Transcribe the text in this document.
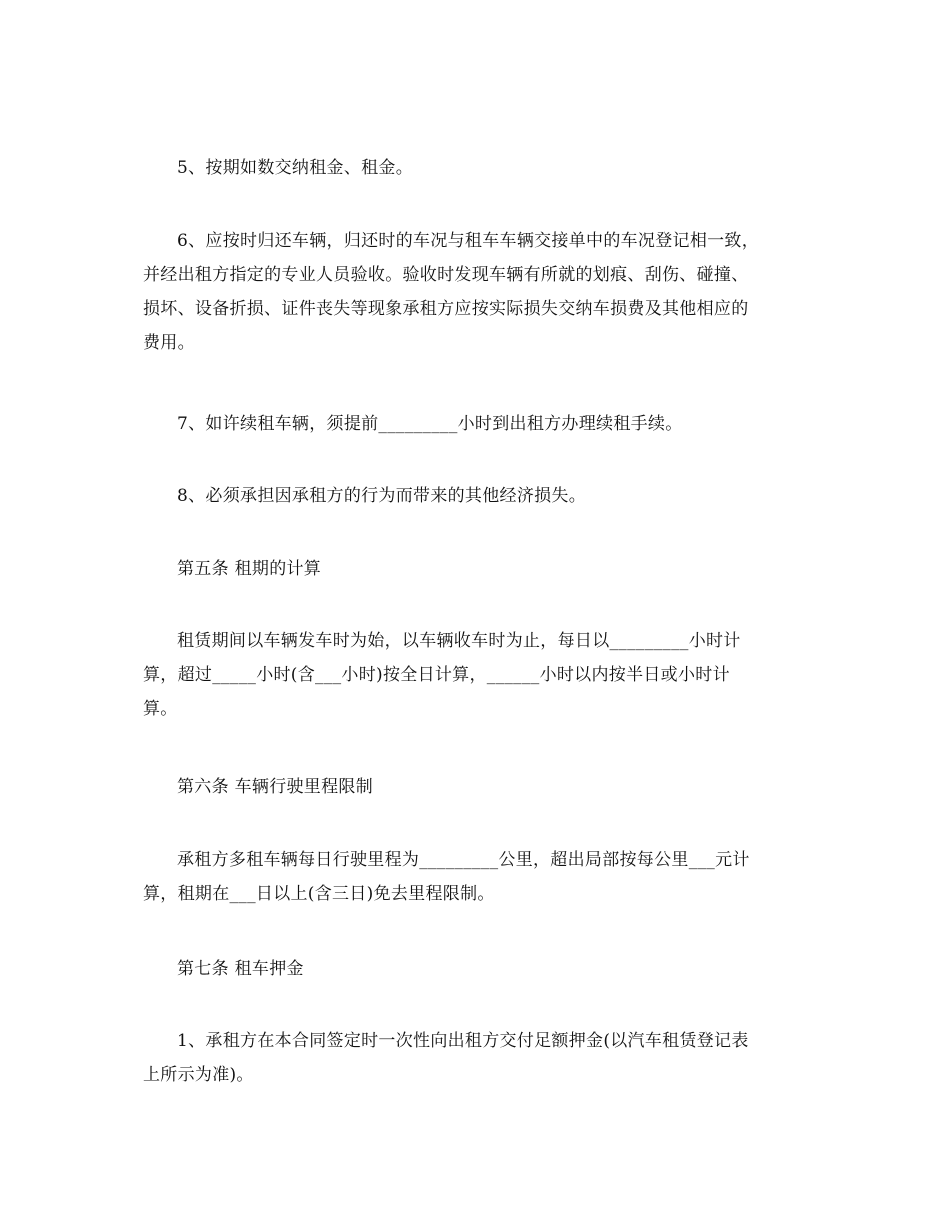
5、按期如数交纳租金、租金。
6、应按时归还车辆，归还时的车况与租车车辆交接单中的车况登记相一致，
并经出租方指定的专业人员验收。验收时发现车辆有所就的划痕、刮伤、碰撞、
损坏、设备折损、证件丧失等现象承租方应按实际损失交纳车损费及其他相应的
费用。
7、如许续租车辆，须提前_________小时到出租方办理续租手续。
8、必须承担因承租方的行为而带来的其他经济损失。
第五条 租期的计算
租赁期间以车辆发车时为始，以车辆收车时为止，每日以_________小时计
算，超过_____小时(含___小时)按全日计算，______小时以内按半日或小时计
算。
第六条 车辆行驶里程限制
承租方多租车辆每日行驶里程为_________公里，超出局部按每公里___元计
算，租期在___日以上(含三日)免去里程限制。
第七条 租车押金
1、承租方在本合同签定时一次性向出租方交付足额押金(以汽车租赁登记表
上所示为准)。
